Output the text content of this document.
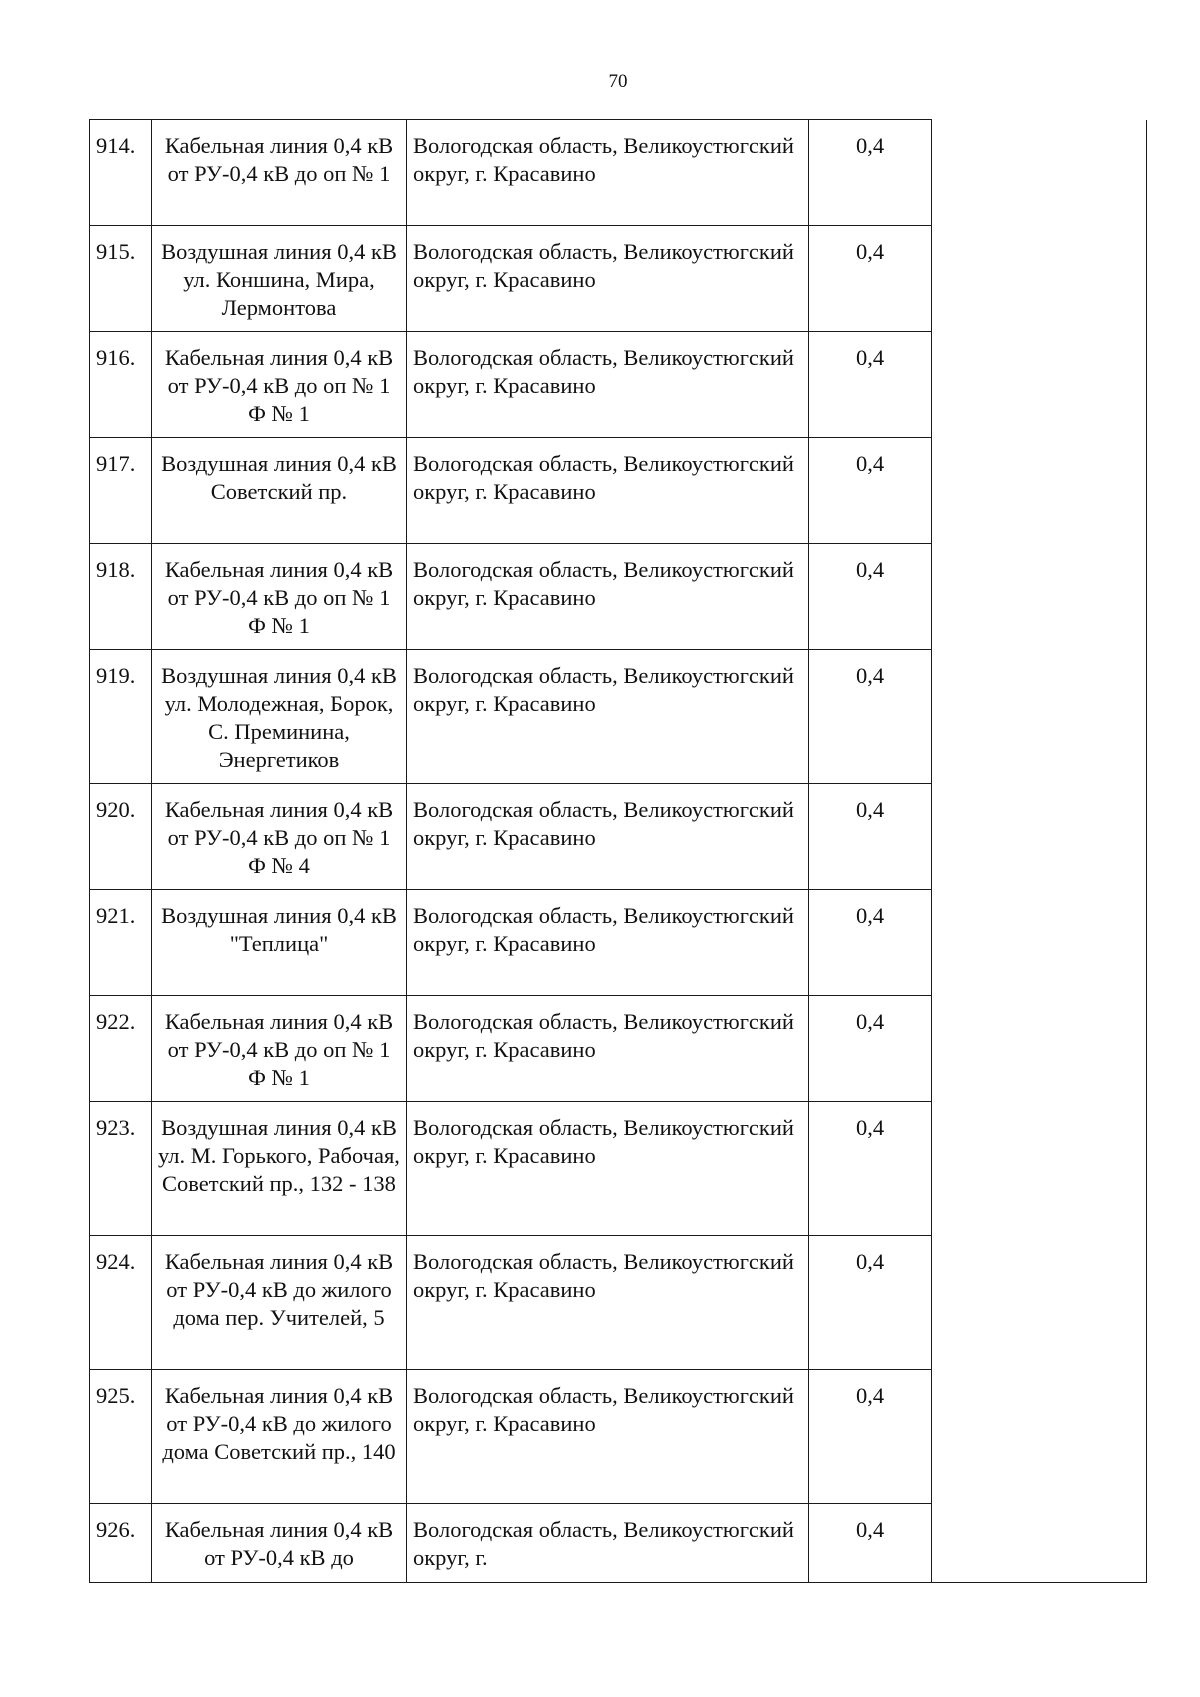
70
914.	Кабельная линия 0,4 кВ от РУ-0,4 кВ до оп № 1	Вологодская область, Великоустюгский округ, г. Красавино	0,4	
915.	Воздушная линия 0,4 кВ ул. Коншина, Мира, Лермонтова	Вологодская область, Великоустюгский округ, г. Красавино	0,4	
916.	Кабельная линия 0,4 кВ от РУ-0,4 кВ до оп № 1 Ф № 1	Вологодская область, Великоустюгский округ, г. Красавино	0,4	
917.	Воздушная линия 0,4 кВ Советский пр.	Вологодская область, Великоустюгский округ, г. Красавино	0,4	
918.	Кабельная линия 0,4 кВ от РУ-0,4 кВ до оп № 1 Ф № 1	Вологодская область, Великоустюгский округ, г. Красавино	0,4	
919.	Воздушная линия 0,4 кВ ул. Молодежная, Борок, С. Преминина, Энергетиков	Вологодская область, Великоустюгский округ, г. Красавино	0,4	
920.	Кабельная линия 0,4 кВ от РУ-0,4 кВ до оп № 1 Ф № 4	Вологодская область, Великоустюгский округ, г. Красавино	0,4	
921.	Воздушная линия 0,4 кВ "Теплица"	Вологодская область, Великоустюгский округ, г. Красавино	0,4	
922.	Кабельная линия 0,4 кВ от РУ-0,4 кВ до оп № 1 Ф № 1	Вологодская область, Великоустюгский округ, г. Красавино	0,4	
923.	Воздушная линия 0,4 кВ ул. М. Горького, Рабочая, Советский пр., 132 - 138	Вологодская область, Великоустюгский округ, г. Красавино	0,4	
924.	Кабельная линия 0,4 кВ от РУ-0,4 кВ до жилого дома пер. Учителей, 5	Вологодская область, Великоустюгский округ, г. Красавино	0,4	
925.	Кабельная линия 0,4 кВ от РУ-0,4 кВ до жилого дома Советский пр., 140	Вологодская область, Великоустюгский округ, г. Красавино	0,4	
926.	Кабельная линия 0,4 кВ от РУ-0,4 кВ до	Вологодская область, Великоустюгский округ, г.	0,4	
